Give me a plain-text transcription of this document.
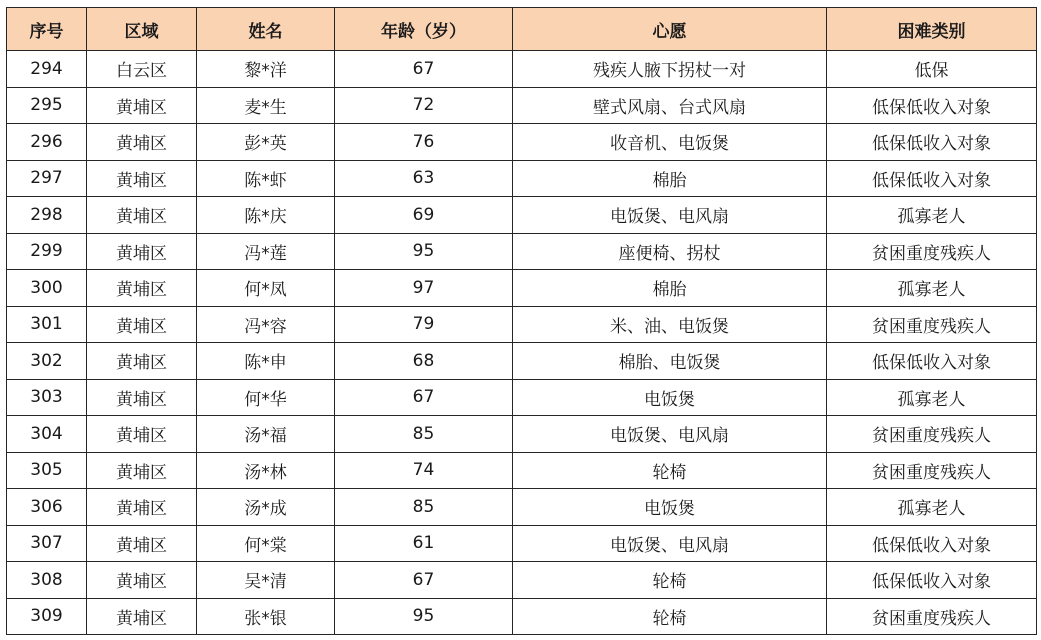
序号	区域	姓名	年龄（岁）	心愿	困难类别
294	白云区	黎*洋	67	残疾人腋下拐杖一对	低保
295	黄埔区	麦*生	72	壁式风扇、台式风扇	低保低收入对象
296	黄埔区	彭*英	76	收音机、电饭煲	低保低收入对象
297	黄埔区	陈*虾	63	棉胎	低保低收入对象
298	黄埔区	陈*庆	69	电饭煲、电风扇	孤寡老人
299	黄埔区	冯*莲	95	座便椅、拐杖	贫困重度残疾人
300	黄埔区	何*凤	97	棉胎	孤寡老人
301	黄埔区	冯*容	79	米、油、电饭煲	贫困重度残疾人
302	黄埔区	陈*申	68	棉胎、电饭煲	低保低收入对象
303	黄埔区	何*华	67	电饭煲	孤寡老人
304	黄埔区	汤*福	85	电饭煲、电风扇	贫困重度残疾人
305	黄埔区	汤*林	74	轮椅	贫困重度残疾人
306	黄埔区	汤*成	85	电饭煲	孤寡老人
307	黄埔区	何*棠	61	电饭煲、电风扇	低保低收入对象
308	黄埔区	吴*清	67	轮椅	低保低收入对象
309	黄埔区	张*银	95	轮椅	贫困重度残疾人
